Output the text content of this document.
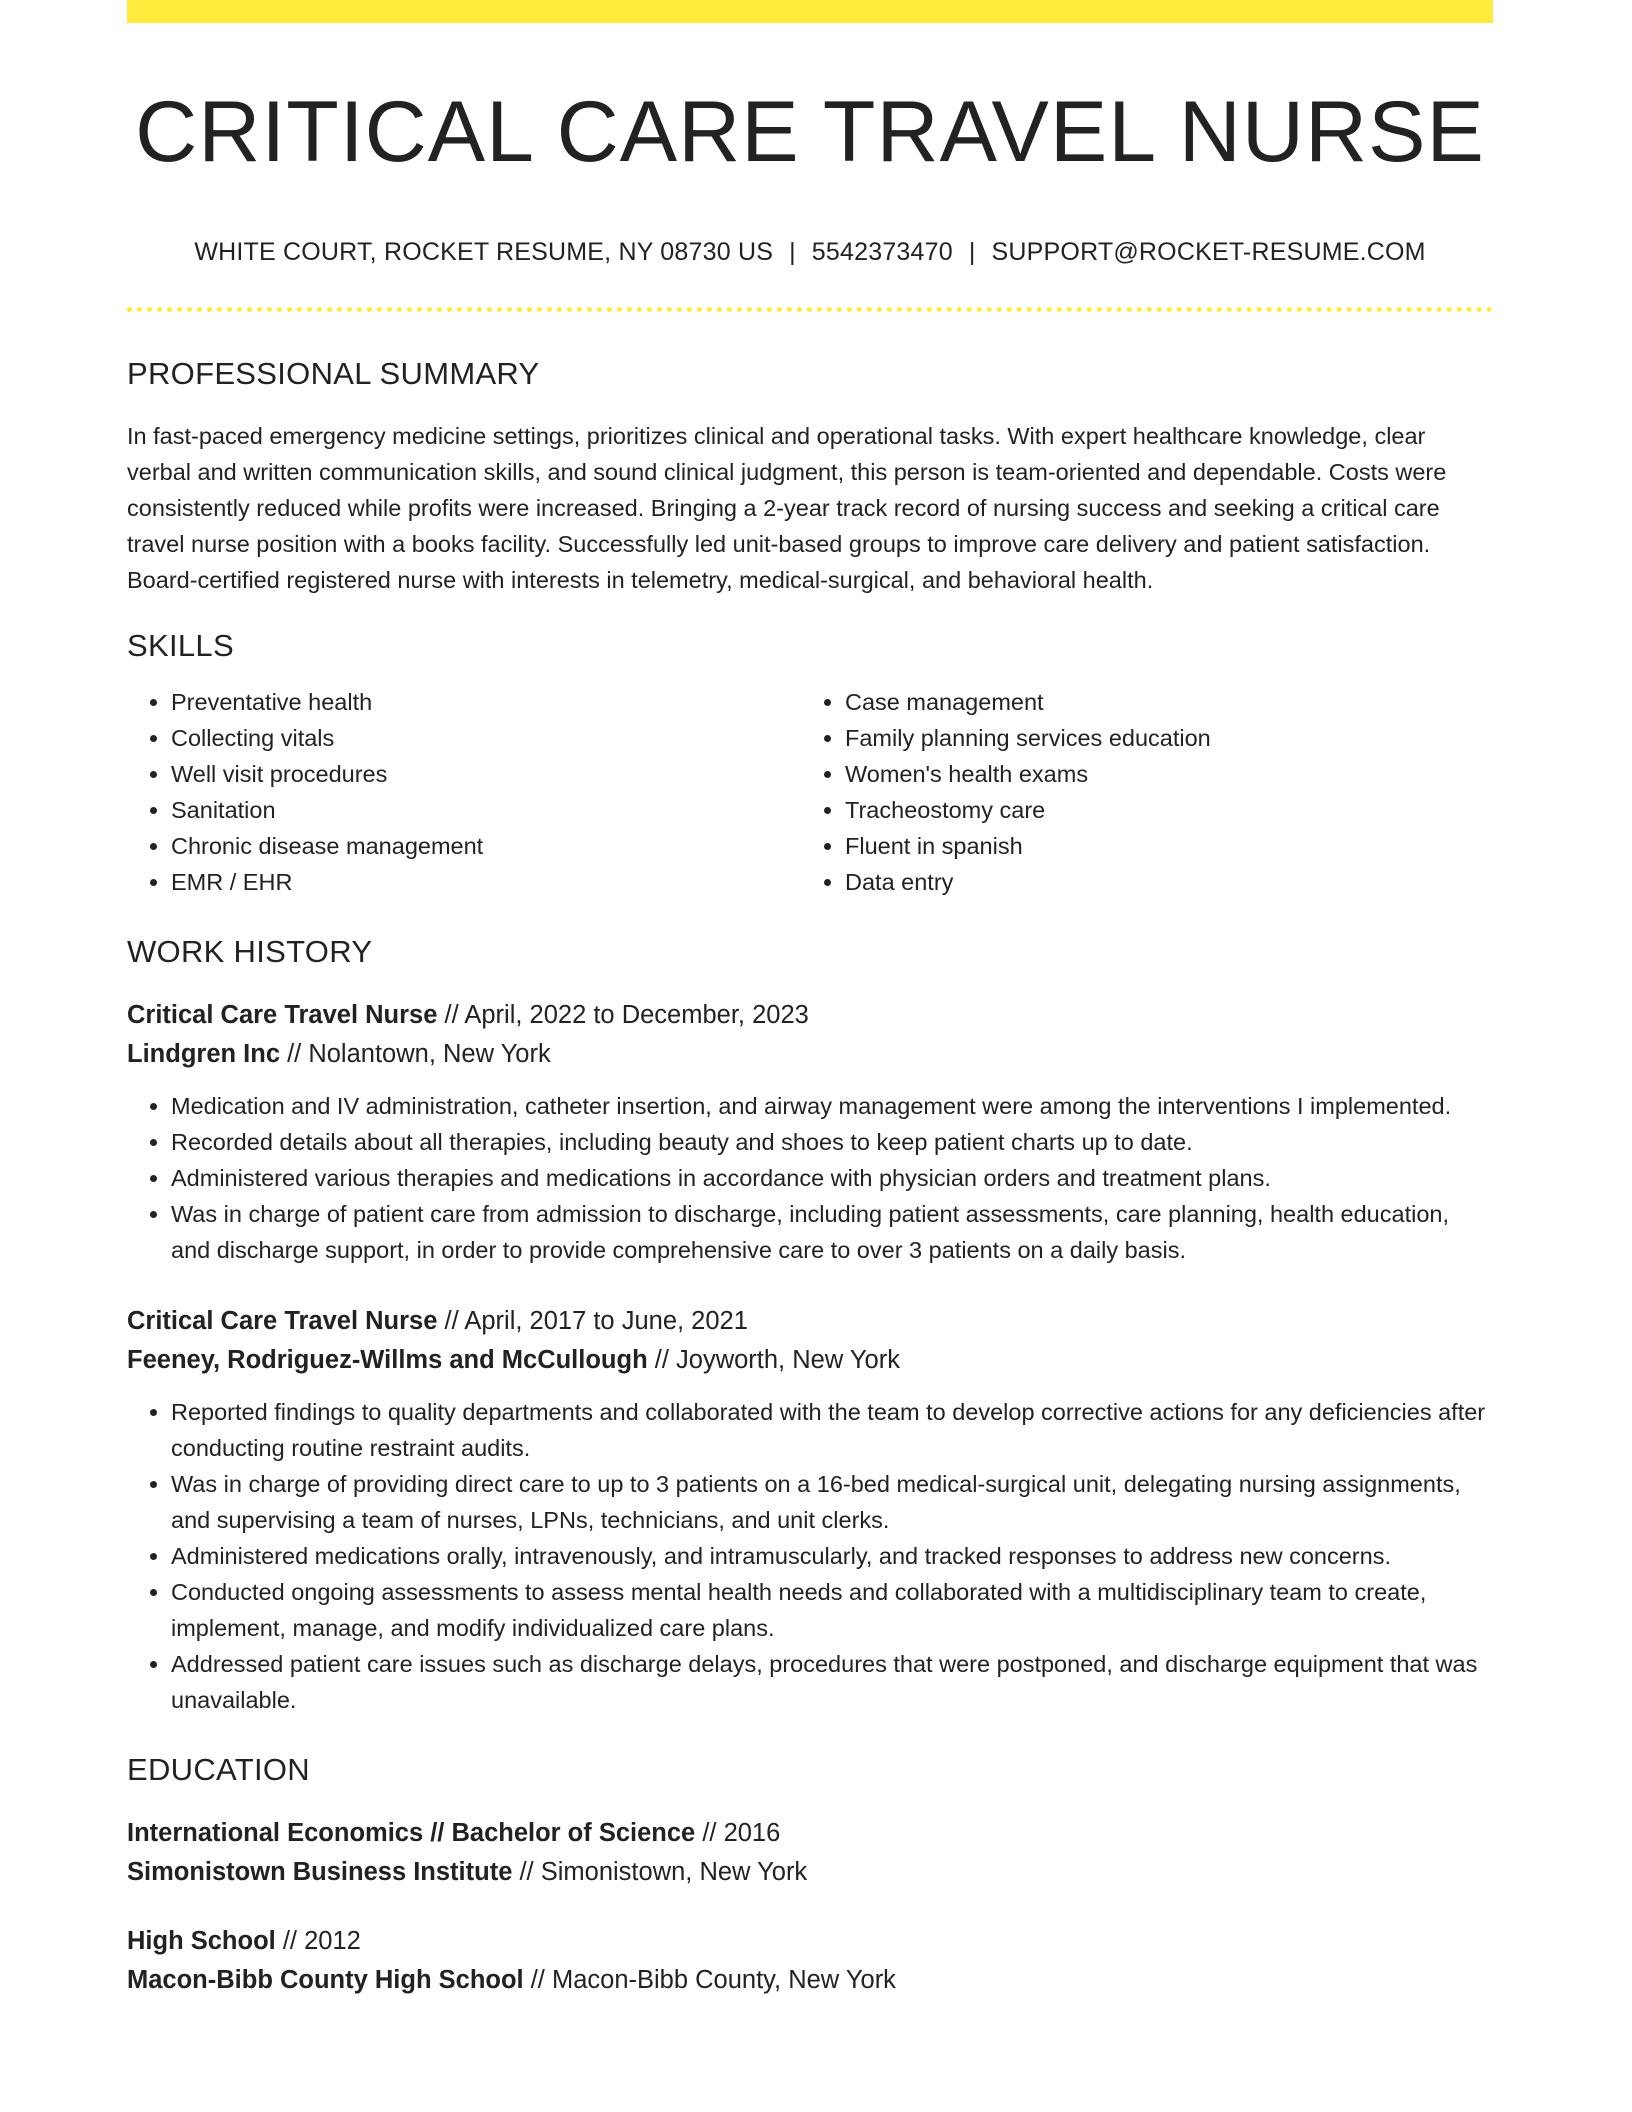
CRITICAL CARE TRAVEL NURSE
WHITE COURT, ROCKET RESUME, NY 08730 US | 5542373470 | SUPPORT@ROCKET-RESUME.COM
PROFESSIONAL SUMMARY

In fast-paced emergency medicine settings, prioritizes clinical and operational tasks. With expert healthcare knowledge, clear verbal and written communication skills, and sound clinical judgment, this person is team-oriented and dependable. Costs were consistently reduced while profits were increased. Bringing a 2-year track record of nursing success and seeking a critical care travel nurse position with a books facility. Successfully led unit-based groups to improve care delivery and patient satisfaction. Board-certified registered nurse with interests in telemetry, medical-surgical, and behavioral health.

SKILLS
• Preventative health
• Collecting vitals
• Well visit procedures
• Sanitation
• Chronic disease management
• EMR / EHR
• Case management
• Family planning services education
• Women's health exams
• Tracheostomy care
• Fluent in spanish
• Data entry
WORK HISTORY
Critical Care Travel Nurse // April, 2022 to December, 2023
Lindgren Inc // Nolantown, New York
• Medication and IV administration, catheter insertion, and airway management were among the interventions I implemented.
• Recorded details about all therapies, including beauty and shoes to keep patient charts up to date.
• Administered various therapies and medications in accordance with physician orders and treatment plans.
• Was in charge of patient care from admission to discharge, including patient assessments, care planning, health education, and discharge support, in order to provide comprehensive care to over 3 patients on a daily basis.
Critical Care Travel Nurse // April, 2017 to June, 2021
Feeney, Rodriguez-Willms and McCullough // Joyworth, New York
• Reported findings to quality departments and collaborated with the team to develop corrective actions for any deficiencies after conducting routine restraint audits.
• Was in charge of providing direct care to up to 3 patients on a 16-bed medical-surgical unit, delegating nursing assignments, and supervising a team of nurses, LPNs, technicians, and unit clerks.
• Administered medications orally, intravenously, and intramuscularly, and tracked responses to address new concerns.
• Conducted ongoing assessments to assess mental health needs and collaborated with a multidisciplinary team to create, implement, manage, and modify individualized care plans.
• Addressed patient care issues such as discharge delays, procedures that were postponed, and discharge equipment that was unavailable.
EDUCATION
International Economics // Bachelor of Science // 2016
Simonistown Business Institute // Simonistown, New York
High School // 2012
Macon-Bibb County High School // Macon-Bibb County, New York
